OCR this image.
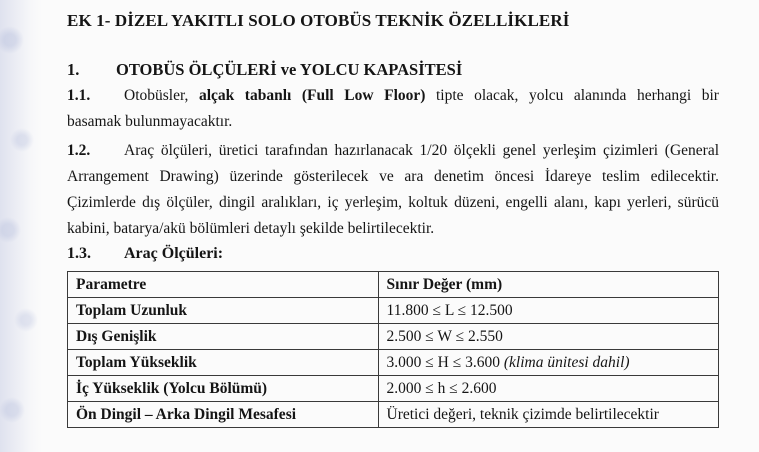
EK 1- DİZEL YAKITLI SOLO OTOBÜS TEKNİK ÖZELLİKLERİ
1. OTOBÜS ÖLÇÜLERİ ve YOLCU KAPASİTESİ
1.1. Otobüsler, alçak tabanlı (Full Low Floor) tipte olacak, yolcu alanında herhangi bir
basamak bulunmayacaktır.
1.2. Araç ölçüleri, üretici tarafından hazırlanacak 1/20 ölçekli genel yerleşim çizimleri (General
Arrangement Drawing) üzerinde gösterilecek ve ara denetim öncesi İdareye teslim edilecektir.
Çizimlerde dış ölçüler, dingil aralıkları, iç yerleşim, koltuk düzeni, engelli alanı, kapı yerleri, sürücü
kabini, batarya/akü bölümleri detaylı şekilde belirtilecektir.
1.3. Araç Ölçüleri:
Parametre	Sınır Değer (mm)
Toplam Uzunluk	11.800 ≤ L ≤ 12.500
Dış Genişlik	2.500 ≤ W ≤ 2.550
Toplam Yükseklik	3.000 ≤ H ≤ 3.600 (klima ünitesi dahil)
İç Yükseklik (Yolcu Bölümü)	2.000 ≤ h ≤ 2.600
Ön Dingil – Arka Dingil Mesafesi	Üretici değeri, teknik çizimde belirtilecektir
